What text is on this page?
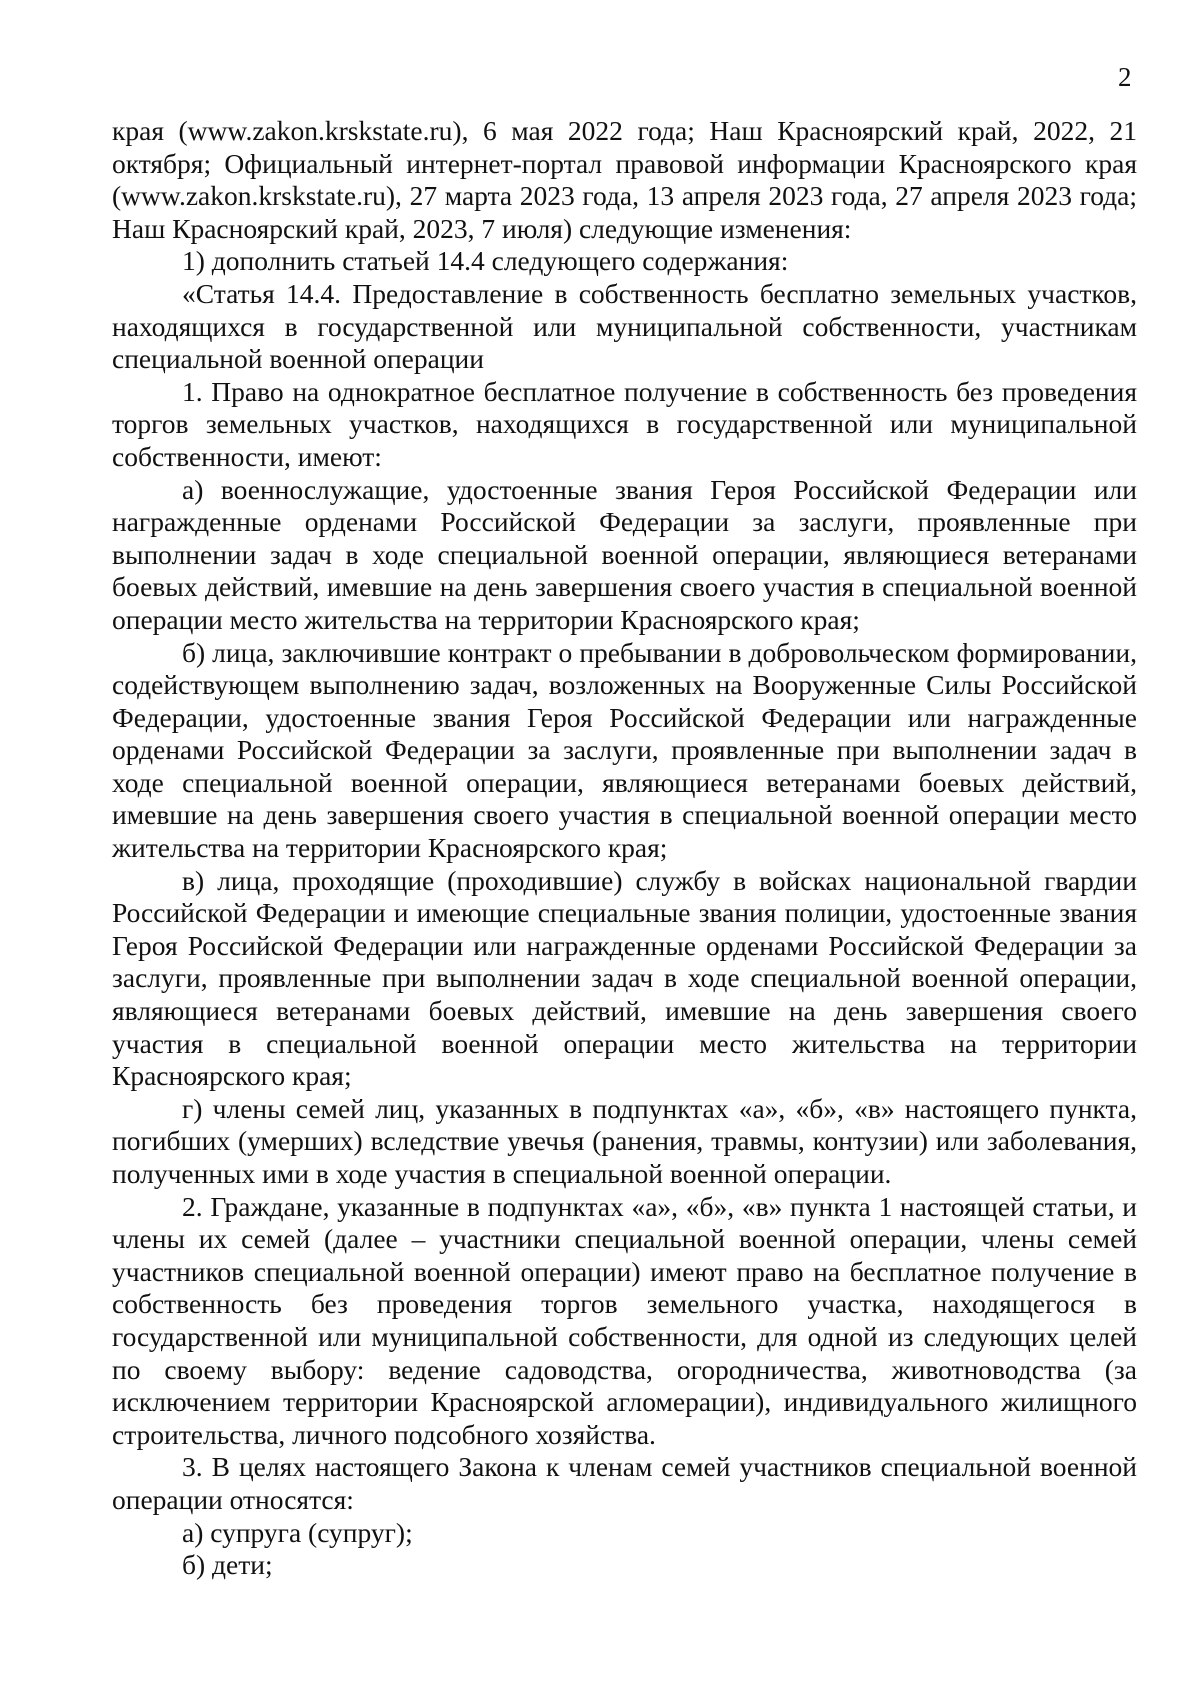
2

края (www.zakon.krskstate.ru), 6 мая 2022 года; Наш Красноярский край, 2022, 21 октября; Официальный интернет-портал правовой информации Красноярского края (www.zakon.krskstate.ru), 27 марта 2023 года, 13 апреля 2023 года, 27 апреля 2023 года; Наш Красноярский край, 2023, 7 июля) следующие изменения:

1) дополнить статьей 14.4 следующего содержания:

«Статья 14.4. Предоставление в собственность бесплатно земельных участков, находящихся в государственной или муниципальной собственности, участникам специальной военной операции

1. Право на однократное бесплатное получение в собственность без проведения торгов земельных участков, находящихся в государственной или муниципальной собственности, имеют:

а) военнослужащие, удостоенные звания Героя Российской Федерации или награжденные орденами Российской Федерации за заслуги, проявленные при выполнении задач в ходе специальной военной операции, являющиеся ветеранами боевых действий, имевшие на день завершения своего участия в специальной военной операции место жительства на территории Красноярского края;

б) лица, заключившие контракт о пребывании в добровольческом формировании, содействующем выполнению задач, возложенных на Вооруженные Силы Российской Федерации, удостоенные звания Героя Российской Федерации или награжденные орденами Российской Федерации за заслуги, проявленные при выполнении задач в ходе специальной военной операции, являющиеся ветеранами боевых действий, имевшие на день завершения своего участия в специальной военной операции место жительства на территории Красноярского края;

в) лица, проходящие (проходившие) службу в войсках национальной гвардии Российской Федерации и имеющие специальные звания полиции, удостоенные звания Героя Российской Федерации или награжденные орденами Российской Федерации за заслуги, проявленные при выполнении задач в ходе специальной военной операции, являющиеся ветеранами боевых действий, имевшие на день завершения своего участия в специальной военной операции место жительства на территории Красноярского края;

г) члены семей лиц, указанных в подпунктах «а», «б», «в» настоящего пункта, погибших (умерших) вследствие увечья (ранения, травмы, контузии) или заболевания, полученных ими в ходе участия в специальной военной операции.

2. Граждане, указанные в подпунктах «а», «б», «в» пункта 1 настоящей статьи, и члены их семей (далее – участники специальной военной операции, члены семей участников специальной военной операции) имеют право на бесплатное получение в собственность без проведения торгов земельного участка, находящегося в государственной или муниципальной собственности, для одной из следующих целей по своему выбору: ведение садоводства, огородничества, животноводства (за исключением территории Красноярской агломерации), индивидуального жилищного строительства, личного подсобного хозяйства.

3. В целях настоящего Закона к членам семей участников специальной военной операции относятся:

а) супруга (супруг);

б) дети;
